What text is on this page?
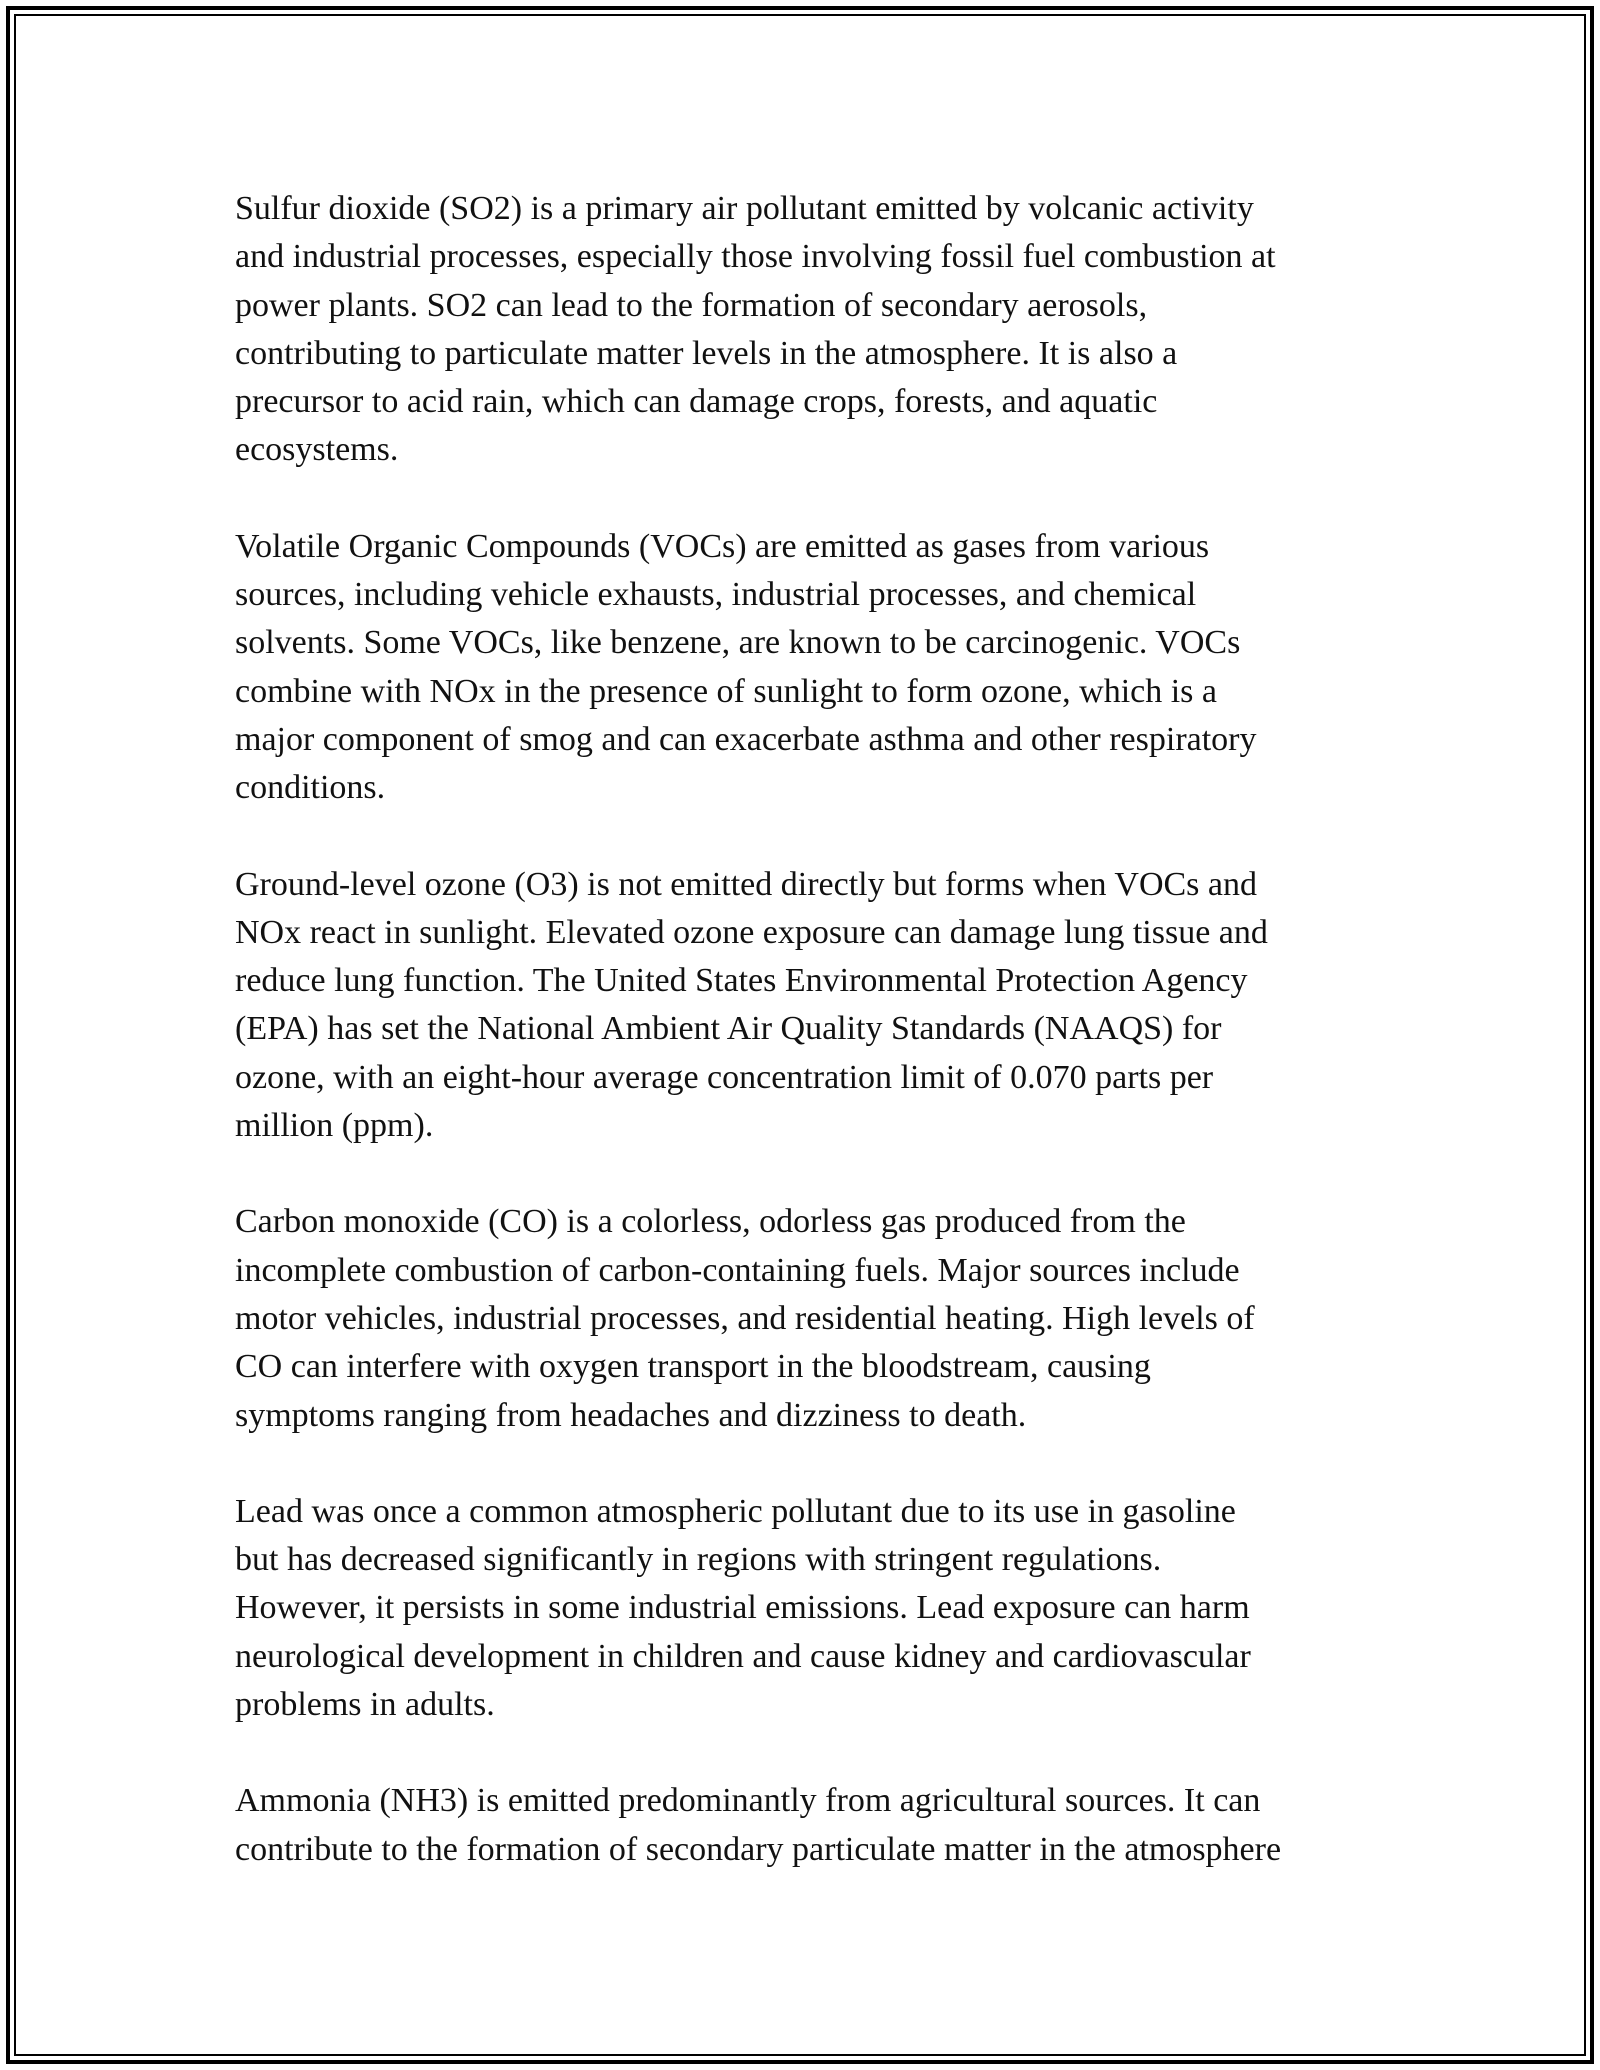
Sulfur dioxide (SO2) is a primary air pollutant emitted by volcanic activity
and industrial processes, especially those involving fossil fuel combustion at
power plants. SO2 can lead to the formation of secondary aerosols,
contributing to particulate matter levels in the atmosphere. It is also a
precursor to acid rain, which can damage crops, forests, and aquatic
ecosystems.

Volatile Organic Compounds (VOCs) are emitted as gases from various
sources, including vehicle exhausts, industrial processes, and chemical
solvents. Some VOCs, like benzene, are known to be carcinogenic. VOCs
combine with NOx in the presence of sunlight to form ozone, which is a
major component of smog and can exacerbate asthma and other respiratory
conditions.

Ground-level ozone (O3) is not emitted directly but forms when VOCs and
NOx react in sunlight. Elevated ozone exposure can damage lung tissue and
reduce lung function. The United States Environmental Protection Agency
(EPA) has set the National Ambient Air Quality Standards (NAAQS) for
ozone, with an eight-hour average concentration limit of 0.070 parts per
million (ppm).

Carbon monoxide (CO) is a colorless, odorless gas produced from the
incomplete combustion of carbon-containing fuels. Major sources include
motor vehicles, industrial processes, and residential heating. High levels of
CO can interfere with oxygen transport in the bloodstream, causing
symptoms ranging from headaches and dizziness to death.

Lead was once a common atmospheric pollutant due to its use in gasoline
but has decreased significantly in regions with stringent regulations.
However, it persists in some industrial emissions. Lead exposure can harm
neurological development in children and cause kidney and cardiovascular
problems in adults.

Ammonia (NH3) is emitted predominantly from agricultural sources. It can
contribute to the formation of secondary particulate matter in the atmosphere
